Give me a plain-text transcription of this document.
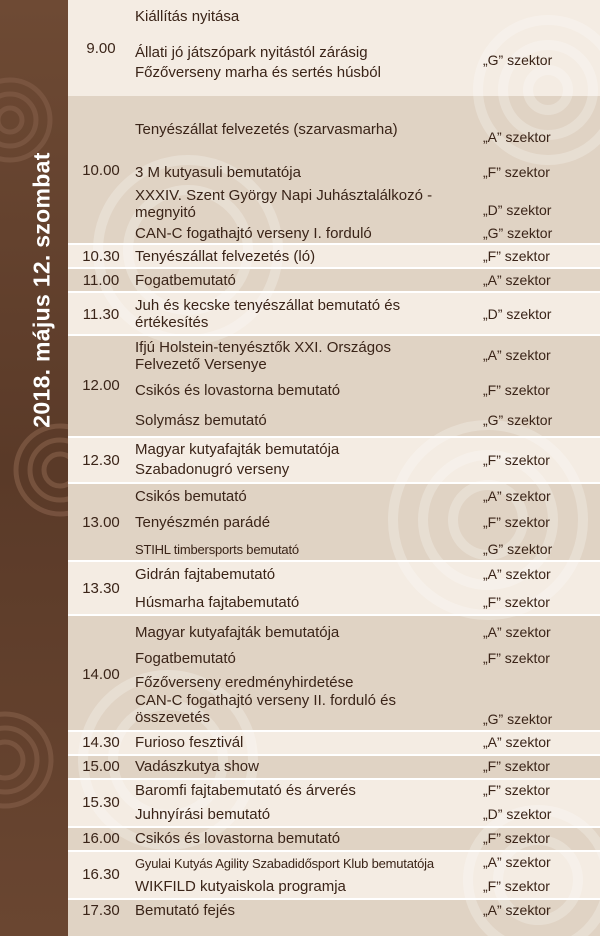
2018. május 12. szombat
9.00
10.00
10.30
11.00
11.30
12.00
12.30
13.00
13.30
14.00
14.30
15.00
15.30
16.00
16.30
17.30
Kiállítás nyitása
Állati jó játszópark nyitástól zárásig
Főzőverseny marha és sertés húsból
Tenyészállat felvezetés (szarvasmarha)
3 M kutyasuli bemutatója
XXXIV. Szent György Napi Juhásztalálkozó - megnyitó
CAN-C fogathajtó verseny I. forduló
Tenyészállat felvezetés (ló)
Fogatbemutató
Juh és kecske tenyészállat bemutató és értékesítés
Ifjú Holstein-tenyésztők XXI. Országos Felvezető Versenye
Csikós és lovastorna bemutató
Solymász bemutató
Magyar kutyafajták bemutatója
Szabadonugró verseny
Csikós bemutató
Tenyészmén parádé
STIHL timbersports bemutató
Gidrán fajtabemutató
Húsmarha fajtabemutató
Magyar kutyafajták bemutatója
Fogatbemutató
Főzőverseny eredményhirdetése
CAN-C fogathajtó verseny II. forduló és összevetés
Furioso fesztivál
Vadászkutya show
Baromfi fajtabemutató és árverés
Juhnyírási bemutató
Csikós és lovastorna bemutató
Gyulai Kutyás Agility Szabadidősport Klub bemutatója
WIKFILD kutyaiskola programja
Bemutató fejés
„G” szektor
„A” szektor
„F” szektor
„D” szektor
„G” szektor
„F” szektor
„A” szektor
„D” szektor
„A” szektor
„F” szektor
„G” szektor
„F” szektor
„A” szektor
„F” szektor
„G” szektor
„A” szektor
„F” szektor
„A” szektor
„F” szektor
„G” szektor
„A” szektor
„F” szektor
„F” szektor
„D” szektor
„F” szektor
„A” szektor
„F” szektor
„A” szektor
